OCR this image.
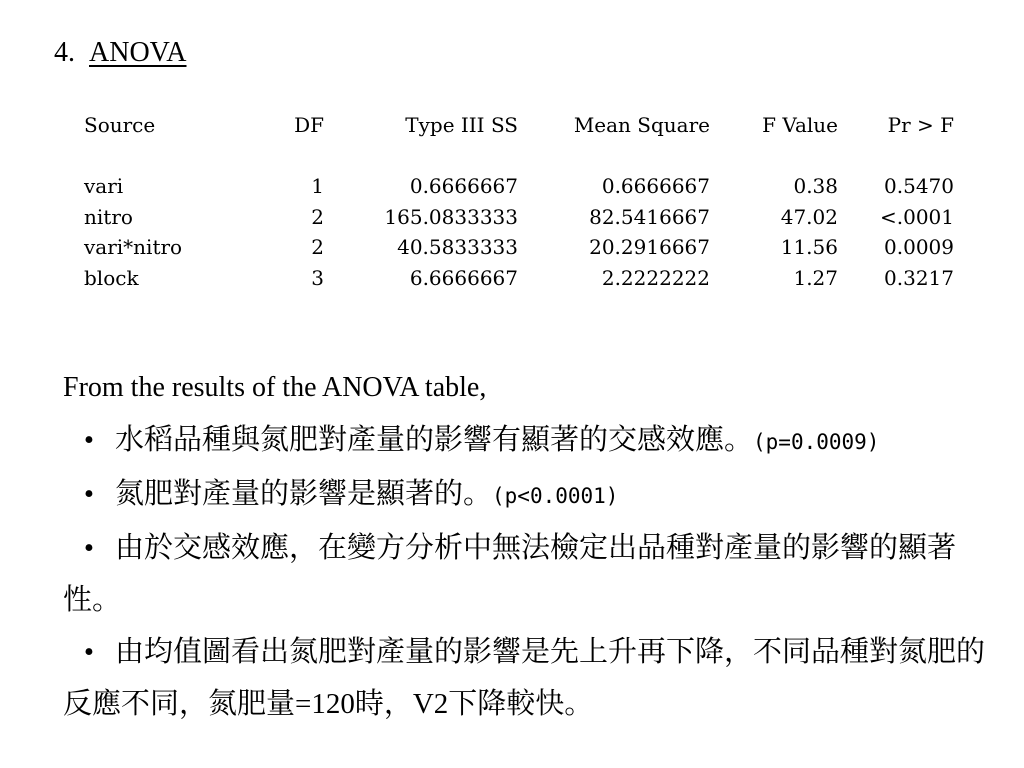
4. ANOVA
Source	DF	Type III SS	Mean Square	F Value	Pr > F

vari	1	0.6666667	0.6666667	0.38	0.5470
nitro	2	165.0833333	82.5416667	47.02	<.0001
vari*nitro	2	40.5833333	20.2916667	11.56	0.0009
block	3	6.6666667	2.2222222	1.27	0.3217
From the results of the ANOVA table,
• 水稻品種與氮肥對產量的影響有顯著的交感效應。(p=0.0009)
• 氮肥對產量的影響是顯著的。(p<0.0001)
• 由於交感效應，在變方分析中無法檢定出品種對產量的影響的顯著性。
• 由均值圖看出氮肥對產量的影響是先上升再下降，不同品種對氮肥的反應不同，氮肥量=120時，V2下降較快。
